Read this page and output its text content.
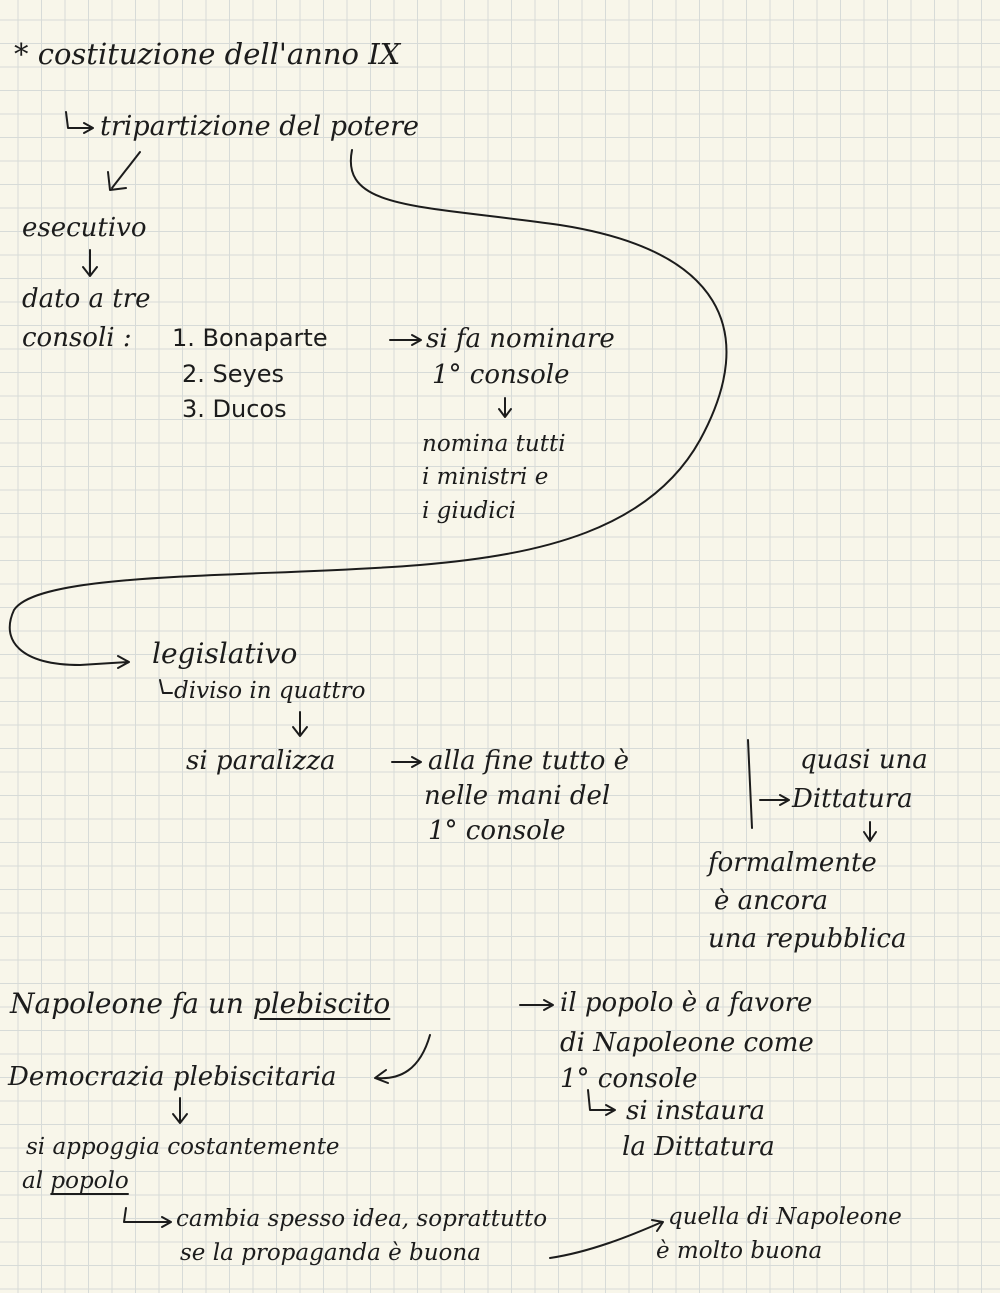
* costituzione dell'anno IX
tripartizione del potere
esecutivo
dato a tre
consoli : 1. Bonaparte
2. Seyes
3. Ducos
si fa nominare
1° console
nomina tutti
i ministri e
i giudici
legislativo
diviso in quattro
si paralizza	alla fine tutto è
nelle mani del
1° console
quasi una
Dittatura
formalmente
è ancora
una repubblica
Napoleone fa un plebiscito	il popolo è a favore
di Napoleone come
1° console
si instaura
la Dittatura
Democrazia plebiscitaria
si appoggia costantemente
al popolo
cambia spesso idea, soprattutto
se la propaganda è buona
quella di Napoleone
è molto buona
